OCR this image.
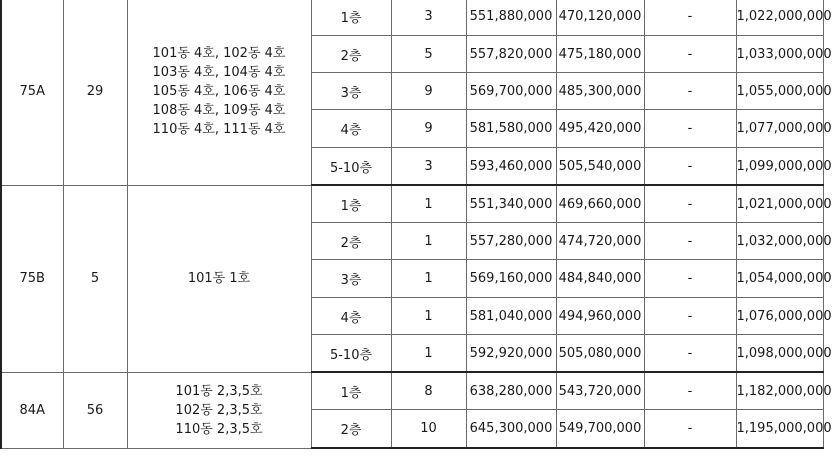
75A	29	101동 4호, 102동 4호
103동 4호, 104동 4호
105동 4호, 106동 4호
108동 4호, 109동 4호
110동 4호, 111동 4호	1층	3	551,880,000	470,120,000	-	1,022,000,000
			2층	5	557,820,000	475,180,000	-	1,033,000,000
			3층	9	569,700,000	485,300,000	-	1,055,000,000
			4층	9	581,580,000	495,420,000	-	1,077,000,000
			5-10층	3	593,460,000	505,540,000	-	1,099,000,000
75B	5	101동 1호	1층	1	551,340,000	469,660,000	-	1,021,000,000
			2층	1	557,280,000	474,720,000	-	1,032,000,000
			3층	1	569,160,000	484,840,000	-	1,054,000,000
			4층	1	581,040,000	494,960,000	-	1,076,000,000
			5-10층	1	592,920,000	505,080,000	-	1,098,000,000
84A	56	101동 2,3,5호
102동 2,3,5호
110동 2,3,5호	1층	8	638,280,000	543,720,000	-	1,182,000,000
			2층	10	645,300,000	549,700,000	-	1,195,000,000
